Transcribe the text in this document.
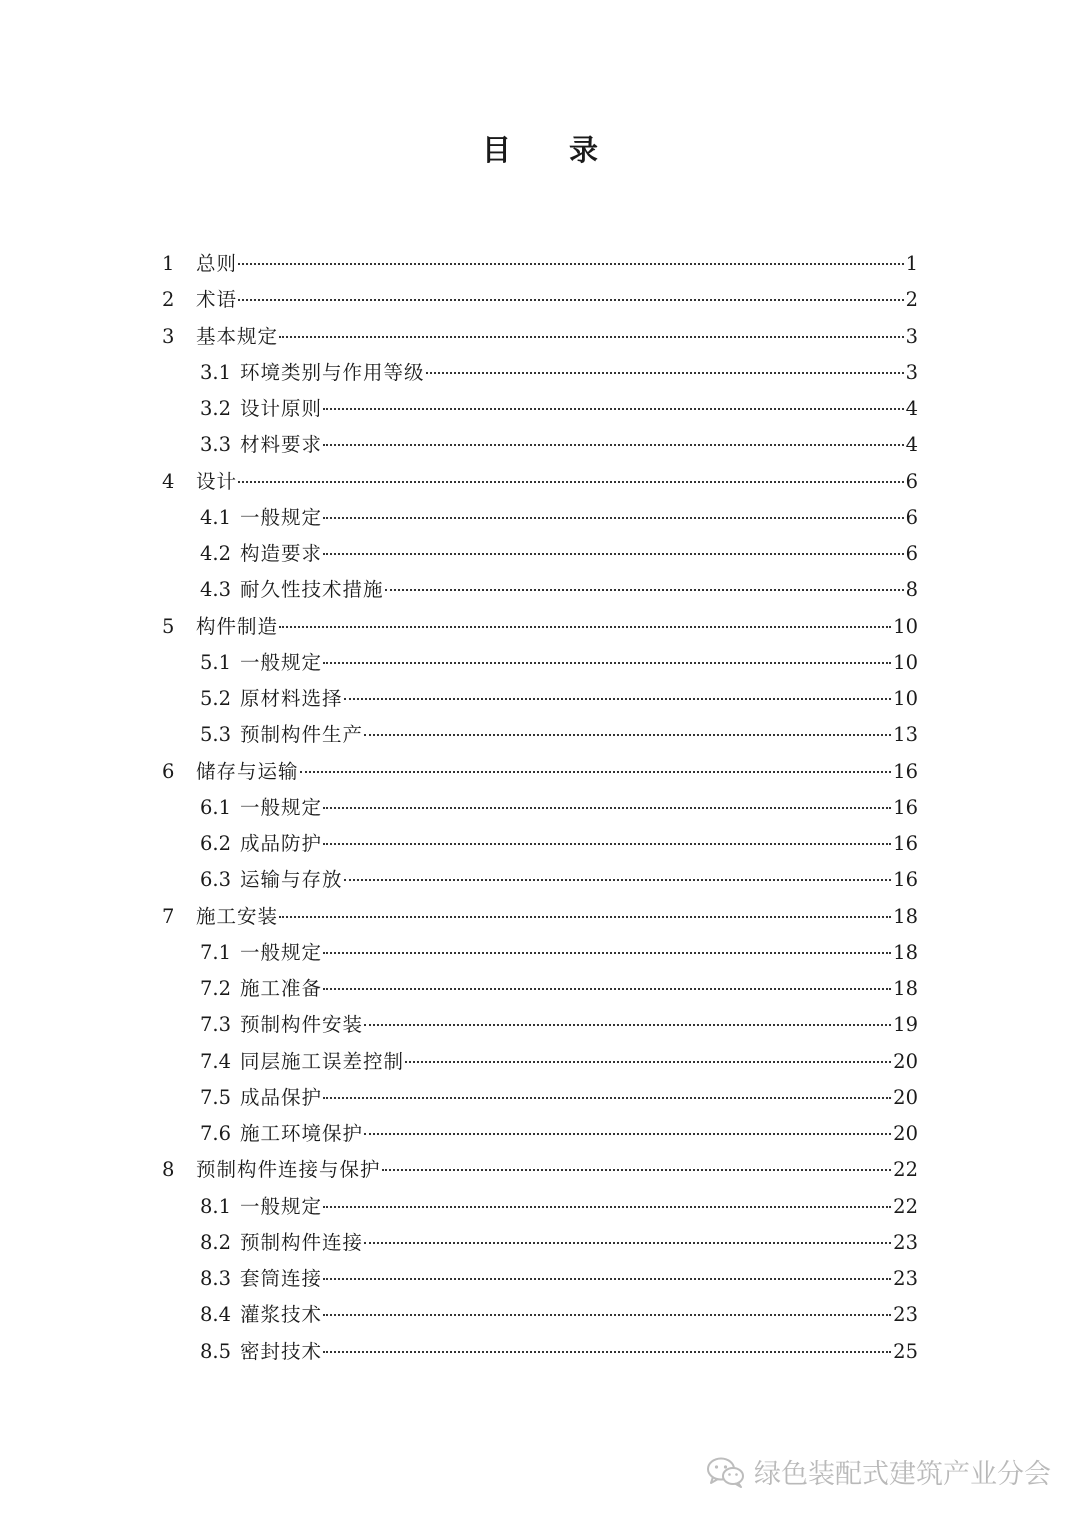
目 录
1	总则	1
2	术语	2
3	基本规定	3
3.1 环境类别与作用等级	3
3.2 设计原则	4
3.3 材料要求	4
4	设计	6
4.1 一般规定	6
4.2 构造要求	6
4.3 耐久性技术措施	8
5	构件制造	10
5.1 一般规定	10
5.2 原材料选择	10
5.3 预制构件生产	13
6	储存与运输	16
6.1 一般规定	16
6.2 成品防护	16
6.3 运输与存放	16
7	施工安装	18
7.1 一般规定	18
7.2 施工准备	18
7.3 预制构件安装	19
7.4 同层施工误差控制	20
7.5 成品保护	20
7.6 施工环境保护	20
8	预制构件连接与保护	22
8.1 一般规定	22
8.2 预制构件连接	23
8.3 套筒连接	23
8.4 灌浆技术	23
8.5 密封技术	25
绿色装配式建筑产业分会
